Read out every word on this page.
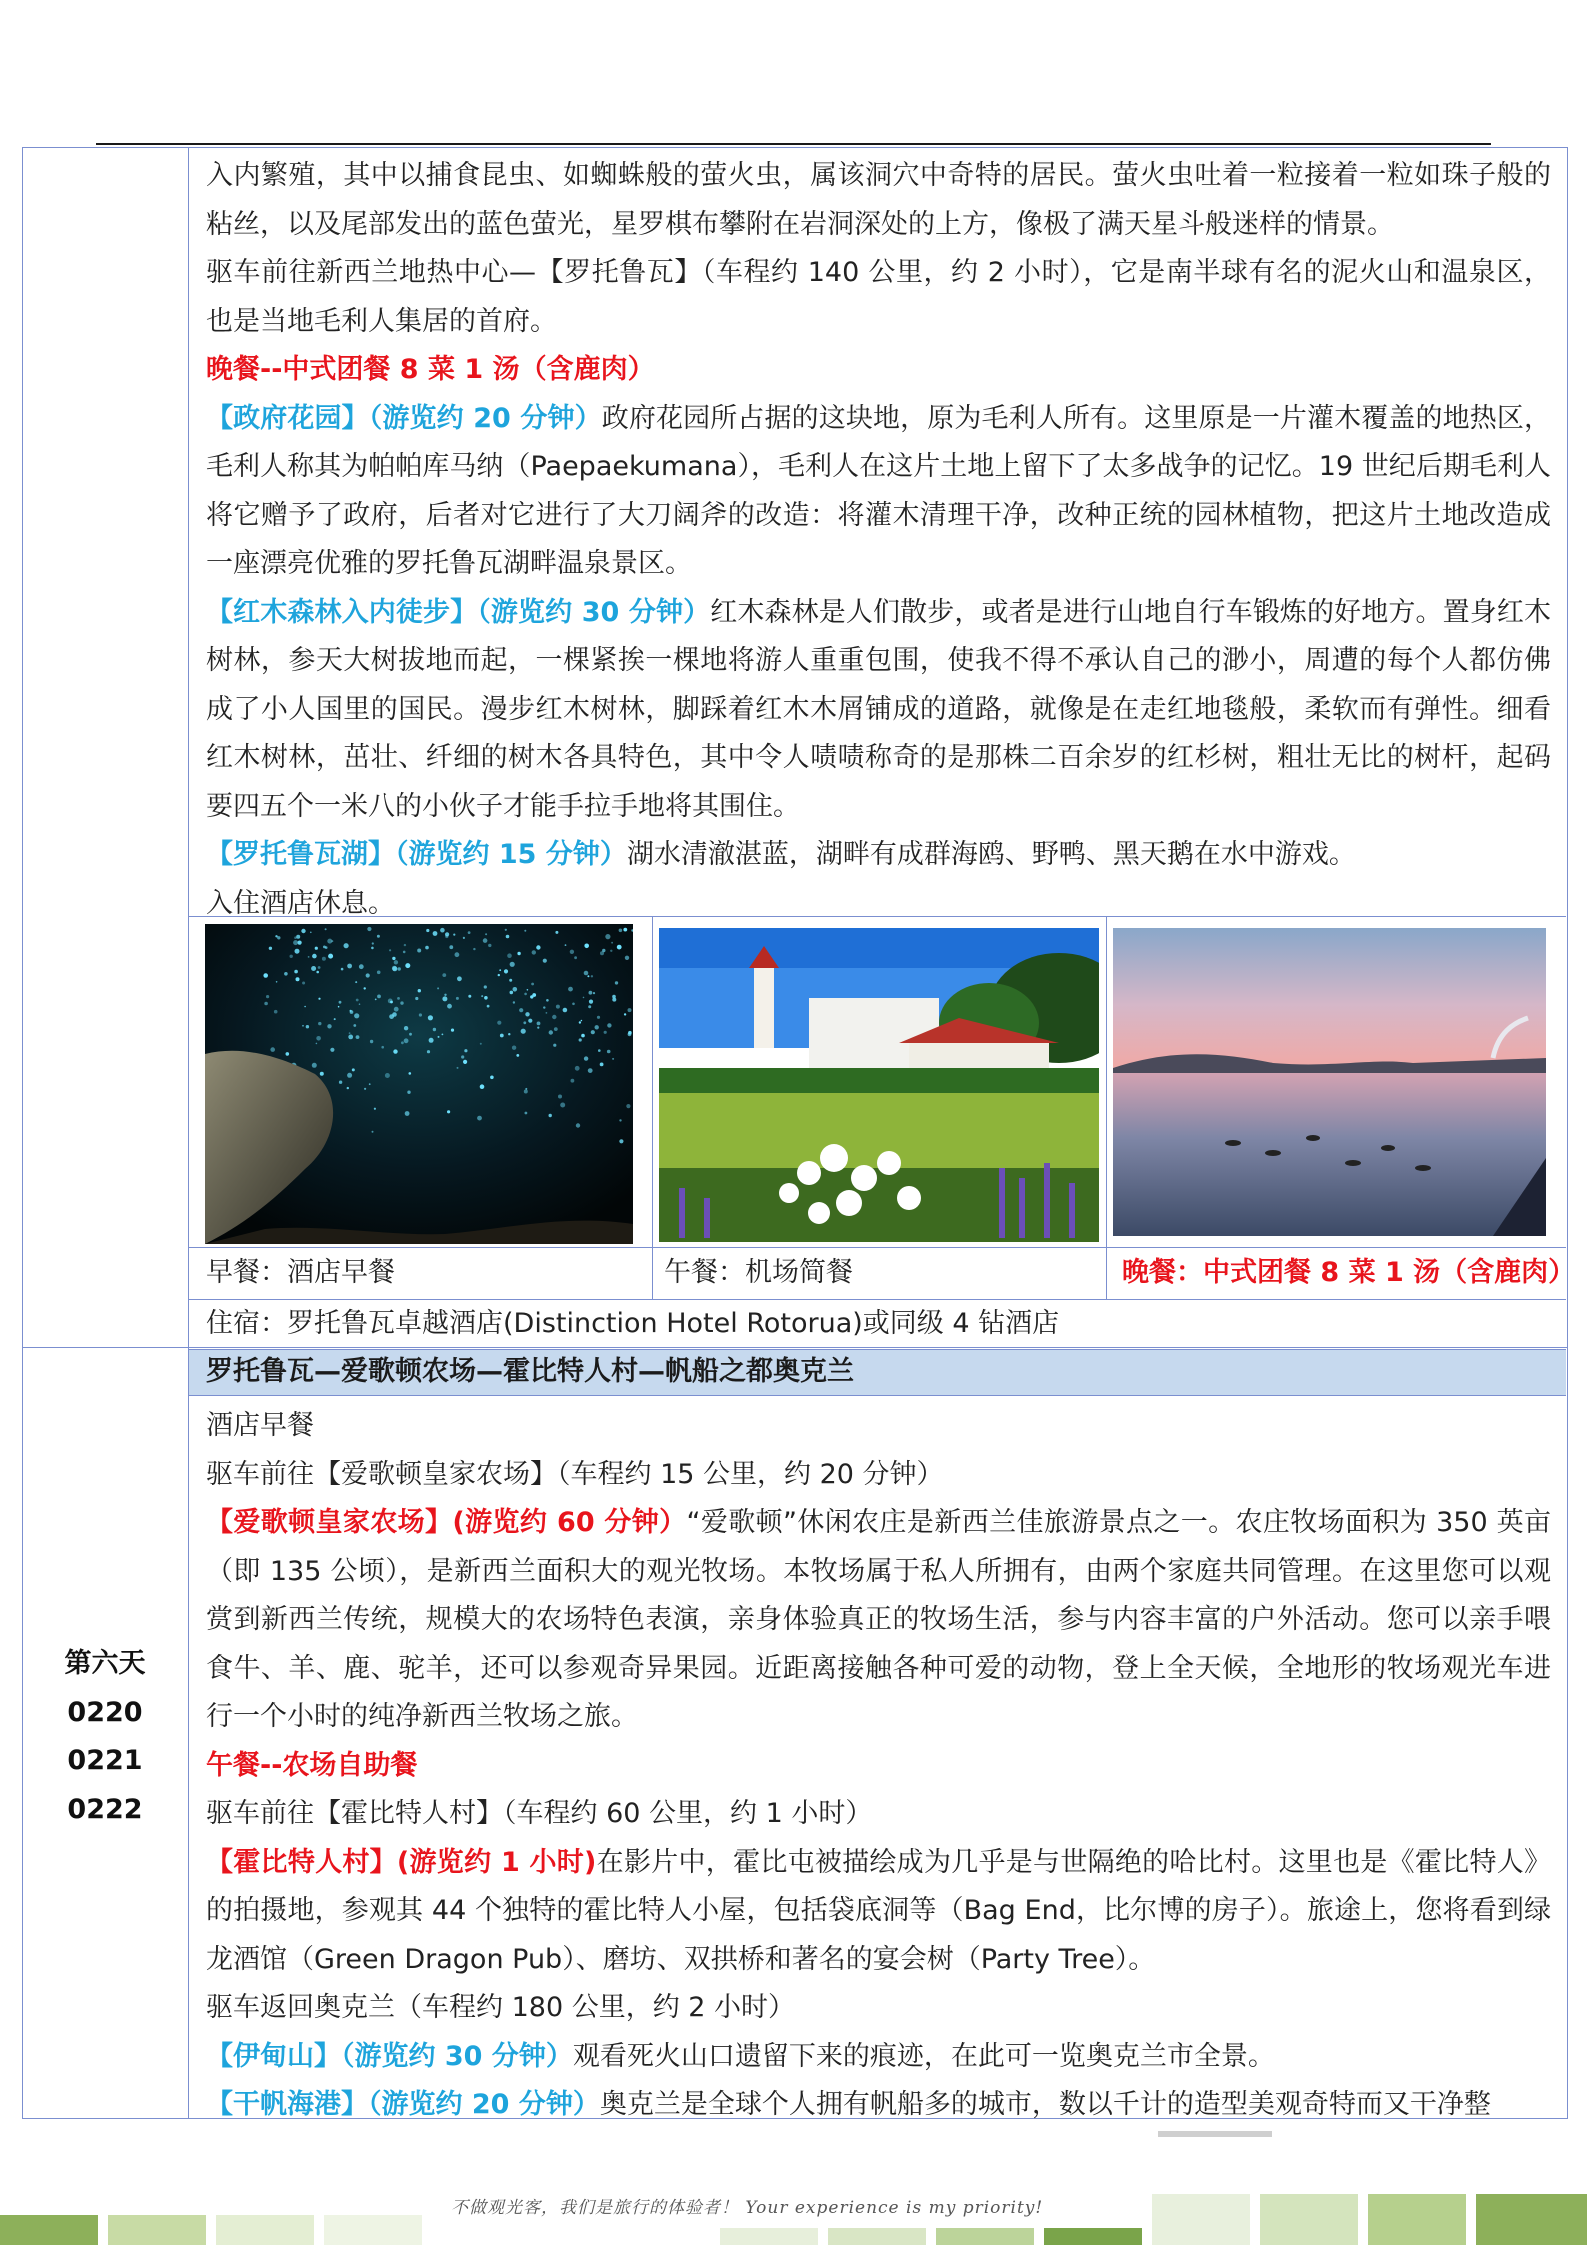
入内繁殖，其中以捕食昆虫、如蜘蛛般的萤火虫，属该洞穴中奇特的居民。萤火虫吐着一粒接着一粒如珠子般的粘丝，以及尾部发出的蓝色萤光，星罗棋布攀附在岩洞深处的上方，像极了满天星斗般迷样的情景。

驱车前往新西兰地热中心—【罗托鲁瓦】（车程约 140 公里，约 2 小时），它是南半球有名的泥火山和温泉区，也是当地毛利人集居的首府。

晚餐--中式团餐 8 菜 1 汤（含鹿肉）

【政府花园】（游览约 20 分钟）政府花园所占据的这块地，原为毛利人所有。这里原是一片灌木覆盖的地热区，毛利人称其为帕帕库马纳（Paepaekumana），毛利人在这片土地上留下了太多战争的记忆。19 世纪后期毛利人将它赠予了政府，后者对它进行了大刀阔斧的改造：将灌木清理干净，改种正统的园林植物，把这片土地改造成一座漂亮优雅的罗托鲁瓦湖畔温泉景区。

【红木森林入内徒步】（游览约 30 分钟）红木森林是人们散步，或者是进行山地自行车锻炼的好地方。置身红木树林，参天大树拔地而起，一棵紧挨一棵地将游人重重包围，使我不得不承认自己的渺小，周遭的每个人都仿佛成了小人国里的国民。漫步红木树林，脚踩着红木木屑铺成的道路，就像是在走红地毯般，柔软而有弹性。细看红木树林，茁壮、纤细的树木各具特色，其中令人啧啧称奇的是那株二百余岁的红杉树，粗壮无比的树杆，起码要四五个一米八的小伙子才能手拉手地将其围住。

【罗托鲁瓦湖】（游览约 15 分钟）湖水清澈湛蓝，湖畔有成群海鸥、野鸭、黑天鹅在水中游戏。

入住酒店休息。

早餐：酒店早餐	午餐：机场简餐	晚餐：中式团餐 8 菜 1 汤（含鹿肉）
住宿：罗托鲁瓦卓越酒店(Distinction Hotel Rotorua)或同级 4 钻酒店
罗托鲁瓦—爱歌顿农场—霍比特人村—帆船之都奥克兰
第六天
0220
0221
0222

酒店早餐

驱车前往【爱歌顿皇家农场】（车程约 15 公里，约 20 分钟）

【爱歌顿皇家农场】(游览约 60 分钟）“爱歌顿”休闲农庄是新西兰佳旅游景点之一。农庄牧场面积为 350 英亩（即 135 公顷），是新西兰面积大的观光牧场。本牧场属于私人所拥有，由两个家庭共同管理。在这里您可以观赏到新西兰传统，规模大的农场特色表演，亲身体验真正的牧场生活，参与内容丰富的户外活动。您可以亲手喂食牛、羊、鹿、驼羊，还可以参观奇异果园。近距离接触各种可爱的动物，登上全天候，全地形的牧场观光车进行一个小时的纯净新西兰牧场之旅。

午餐--农场自助餐

驱车前往【霍比特人村】（车程约 60 公里，约 1 小时）

【霍比特人村】(游览约 1 小时)在影片中，霍比屯被描绘成为几乎是与世隔绝的哈比村。这里也是《霍比特人》的拍摄地，参观其 44 个独特的霍比特人小屋，包括袋底洞等（Bag End，比尔博的房子）。旅途上，您将看到绿龙酒馆（Green Dragon Pub）、磨坊、双拱桥和著名的宴会树（Party Tree）。

驱车返回奥克兰（车程约 180 公里，约 2 小时）

【伊甸山】（游览约 30 分钟）观看死火山口遗留下来的痕迹，在此可一览奥克兰市全景。

【干帆海港】（游览约 20 分钟）奥克兰是全球个人拥有帆船多的城市，数以千计的造型美观奇特而又干净整

不做观光客，我们是旅行的体验者！ Your experience is my priority!
